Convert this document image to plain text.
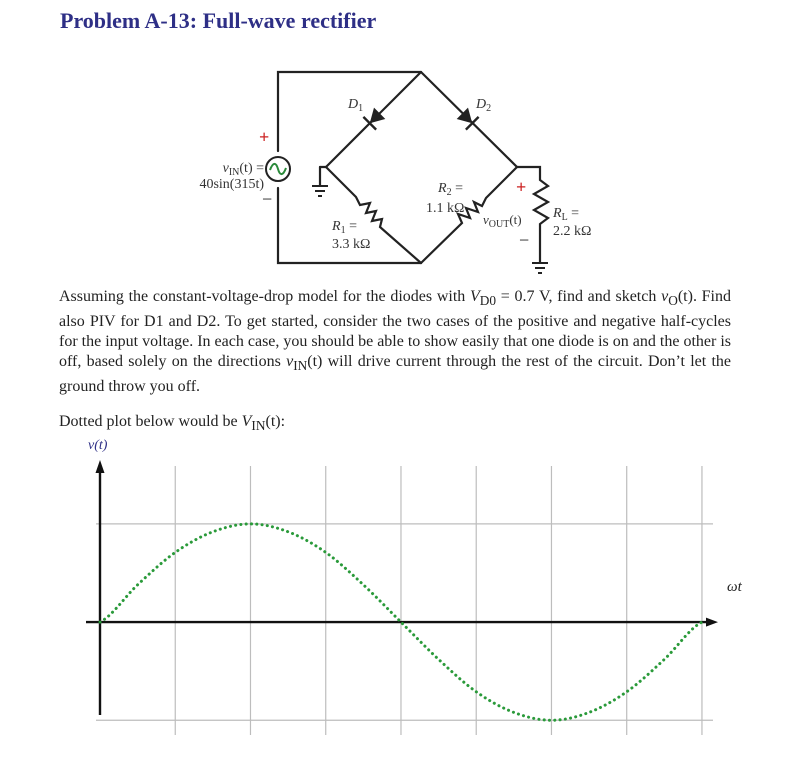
Problem A-13: Full-wave rectifier
+
−
$v_{IN}(t)$ =
40sin(315t)
$D_1$	$D_2$
$R_1$ =
3.3 kΩ
$R_2$ =
1.1 kΩ	$R_L$ =
2.2 kΩ
+
−
$v_{OUT}(t)$

Assuming the constant-voltage-drop model for the diodes with $V_{D0} = 0.7$ V, find and sketch $v_O(t)$. Find also PIV for D1 and D2. To get started, consider the two cases of the positive and negative half-cycles for the input voltage. In each case, you should be able to show easily that one diode is on and the other is off, based solely on the directions $v_{IN}(t)$ will drive current through the rest of the circuit. Don’t let the ground throw you off.

Dotted plot below would be $V_{IN}(t)$:

v(t)
ωt
